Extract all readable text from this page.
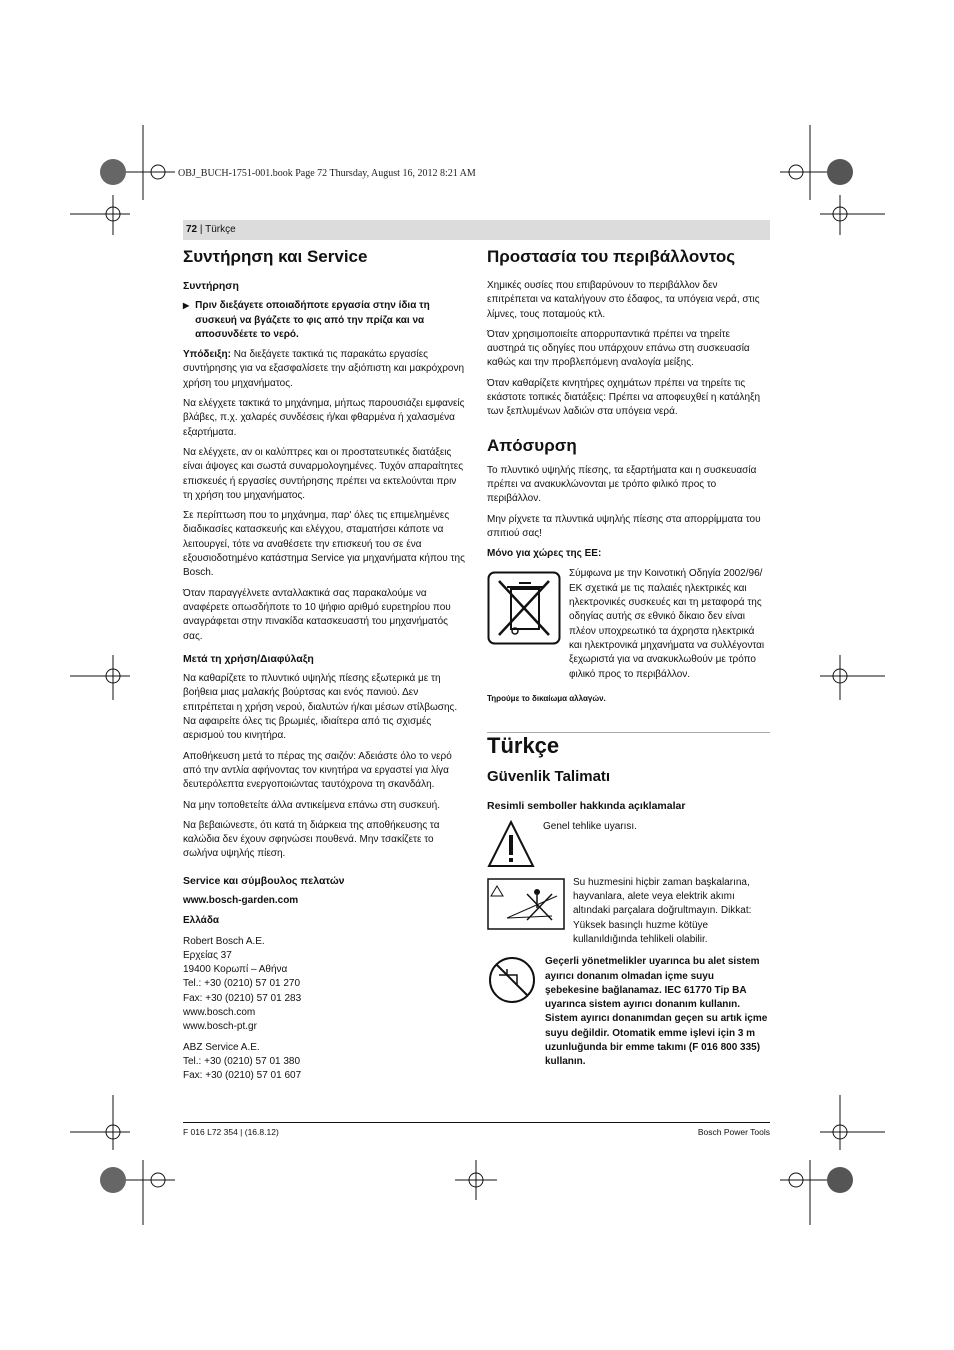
OBJ_BUCH-1751-001.book Page 72 Thursday, August 16, 2012 8:21 AM
72 | Türkçe
Συντήρηση και Service
Συντήρηση
▶ Πριν διεξάγετε οποιαδήποτε εργασία στην ίδια τη συσκευή να βγάζετε το φις από την πρίζα και να αποσυνδέετε το νερό.

Υπόδειξη: Να διεξάγετε τακτικά τις παρακάτω εργασίες συντήρησης για να εξασφαλίσετε την αξιόπιστη και μακρόχρονη χρήση του μηχανήματος.

Να ελέγχετε τακτικά το μηχάνημα, μήπως παρουσιάζει εμφανείς βλάβες, π.χ. χαλαρές συνδέσεις ή/και φθαρμένα ή χαλασμένα εξαρτήματα.

Να ελέγχετε, αν οι καλύπτρες και οι προστατευτικές διατάξεις είναι άψογες και σωστά συναρμολογημένες. Τυχόν απαραίτητες επισκευές ή εργασίες συντήρησης πρέπει να εκτελούνται πριν τη χρήση του μηχανήματος.

Σε περίπτωση που το μηχάνημα, παρ' όλες τις επιμελημένες διαδικασίες κατασκευής και ελέγχου, σταματήσει κάποτε να λειτουργεί, τότε να αναθέσετε την επισκευή του σε ένα εξουσιοδοτημένο κατάστημα Service για μηχανήματα κήπου της Bosch.

Όταν παραγγέλνετε ανταλλακτικά σας παρακαλούμε να αναφέρετε οπωσδήποτε το 10 ψήφιο αριθμό ευρετηρίου που αναγράφεται στην πινακίδα κατασκευαστή του μηχανήματός σας.

Μετά τη χρήση/Διαφύλαξη

Να καθαρίζετε το πλυντικό υψηλής πίεσης εξωτερικά με τη βοήθεια μιας μαλακής βούρτσας και ενός πανιού. Δεν επιτρέπεται η χρήση νερού, διαλυτών ή/και μέσων στίλβωσης. Να αφαιρείτε όλες τις βρωμιές, ιδιαίτερα από τις σχισμές αερισμού του κινητήρα.

Αποθήκευση μετά το πέρας της σαιζόν: Αδειάστε όλο το νερό από την αντλία αφήνοντας τον κινητήρα να εργαστεί για λίγα δευτερόλεπτα ενεργοποιώντας ταυτόχρονα τη σκανδάλη.

Να μην τοποθετείτε άλλα αντικείμενα επάνω στη συσκευή.

Να βεβαιώνεστε, ότι κατά τη διάρκεια της αποθήκευσης τα καλώδια δεν έχουν σφηνώσει πουθενά. Μην τσακίζετε το σωλήνα υψηλής πίεση.

Service και σύμβουλος πελατών

www.bosch-garden.com

Ελλάδα

Robert Bosch A.E.

Ερχείας 37

19400 Κορωπί – Αθήνα

Tel.: +30 (0210) 57 01 270

Fax: +30 (0210) 57 01 283

www.bosch.com

www.bosch-pt.gr

ABZ Service A.E.

Tel.: +30 (0210) 57 01 380

Fax: +30 (0210) 57 01 607

Προστασία του περιβάλλοντος

Χημικές ουσίες που επιβαρύνουν το περιβάλλον δεν επιτρέπεται να καταλήγουν στο έδαφος, τα υπόγεια νερά, στις λίμνες, τους ποταμούς κτλ.

Όταν χρησιμοποιείτε απορρυπαντικά πρέπει να τηρείτε αυστηρά τις οδηγίες που υπάρχουν επάνω στη συσκευασία καθώς και την προβλεπόμενη αναλογία μείξης.

Όταν καθαρίζετε κινητήρες οχημάτων πρέπει να τηρείτε τις εκάστοτε τοπικές διατάξεις: Πρέπει να αποφευχθεί η κατάληξη των ξεπλυμένων λαδιών στα υπόγεια νερά.

Απόσυρση

Το πλυντικό υψηλής πίεσης, τα εξαρτήματα και η συσκευασία πρέπει να ανακυκλώνονται με τρόπο φιλικό προς το περιβάλλον.

Μην ρίχνετε τα πλυντικά υψηλής πίεσης στα απορρίμματα του σπιτιού σας!

Μόνο για χώρες της ΕΕ:

Σύμφωνα με την Κοινοτική Οδηγία 2002/96/ΕΚ σχετικά με τις παλαιές ηλεκτρικές και ηλεκτρονικές συσκευές και τη μεταφορά της οδηγίας αυτής σε εθνικό δίκαιο δεν είναι πλέον υποχρεωτικό τα άχρηστα ηλεκτρικά και ηλεκτρονικά μηχανήματα να συλλέγονται ξεχωριστά για να ανακυκλωθούν με τρόπο φιλικό προς το περιβάλλον.

Τηρούμε το δικαίωμα αλλαγών.

Türkçe
Güvenlik Talimatı
Resimli semboller hakkında açıklamalar
Genel tehlike uyarısı.
Su huzmesini hiçbir zaman başkalarına, hayvanlara, alete veya elektrik akımı altındaki parçalara doğrultmayın. Dikkat: Yüksek basınçlı huzme kötüye kullanıldığında tehlikeli olabilir.
Geçerli yönetmelikler uyarınca bu alet sistem ayırıcı donanım olmadan içme suyu şebekesine bağlanamaz. IEC 61770 Tip BA uyarınca sistem ayırıcı donanım kullanın. Sistem ayırıcı donanımdan geçen su artık içme suyu değildir. Otomatik emme işlevi için 3 m uzunluğunda bir emme takımı (F 016 800 335) kullanın.
F 016 L72 354 | (16.8.12)	Bosch Power Tools
